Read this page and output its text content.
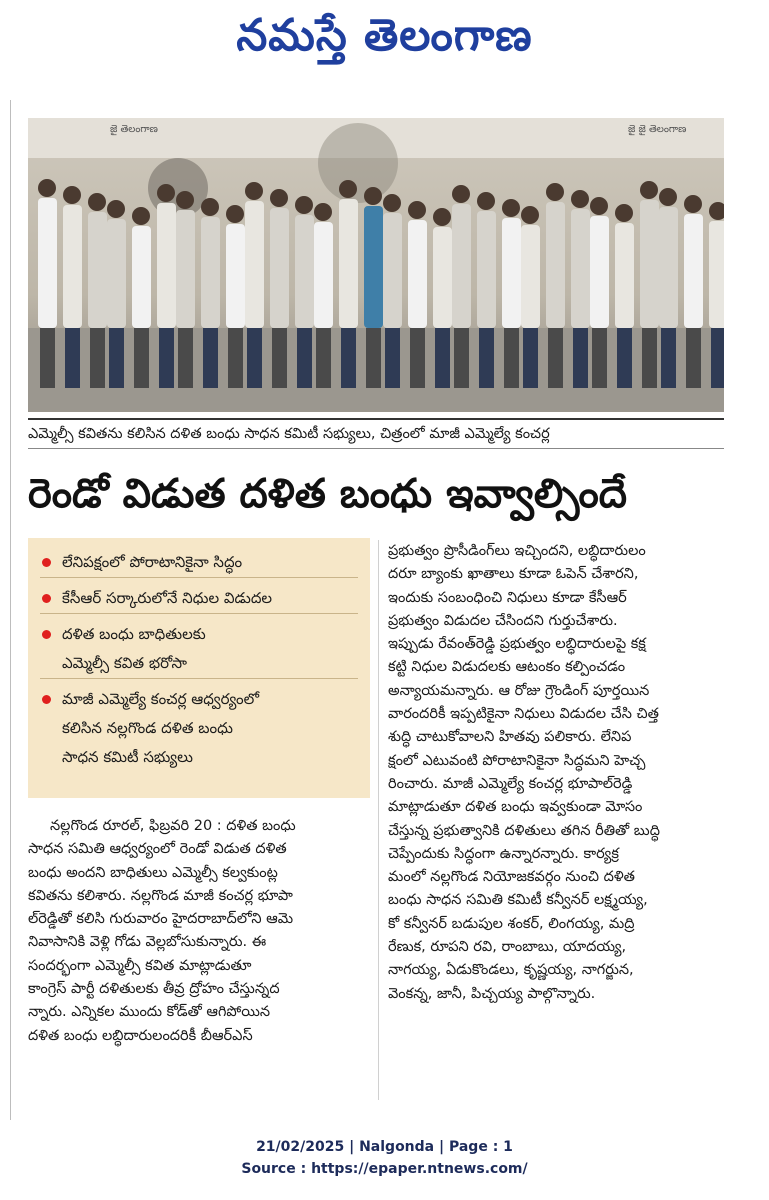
నమస్తే తెలంగాణ
జై తెలంగాణ	జై జై తెలంగాణ
ఎమ్మెల్సీ కవితను కలిసిన దళిత బంధు సాధన కమిటీ సభ్యులు, చిత్రంలో మాజీ ఎమ్మెల్యే కంచర్ల
రెండో విడుత దళిత బంధు ఇవ్వాల్సిందే
లేనిపక్షంలో పోరాటానికైనా సిద్ధం
కేసీఆర్ సర్కారులోనే నిధుల విడుదల
దళిత బంధు బాధితులకు
ఎమ్మెల్సీ కవిత భరోసా
మాజీ ఎమ్మెల్యే కంచర్ల ఆధ్వర్యంలో
కలిసిన నల్లగొండ దళిత బంధు
సాధన కమిటీ సభ్యులు
నల్లగొండ రూరల్, ఫిబ్రవరి 20 : దళిత బంధు
సాధన సమితి ఆధ్వర్యంలో రెండో విడుత దళిత
బంధు అందని బాధితులు ఎమ్మెల్సీ కల్వకుంట్ల
కవితను కలిశారు. నల్లగొండ మాజీ కంచర్ల భూపా
ల్‌రెడ్డితో కలిసి గురువారం హైదరాబాద్‌లోని ఆమె
నివాసానికి వెళ్లి గోడు వెల్లబోసుకున్నారు. ఈ
సందర్భంగా ఎమ్మెల్సీ కవిత మాట్లాడుతూ
కాంగ్రెస్ పార్టీ దళితులకు తీవ్ర ద్రోహం చేస్తున్నద
న్నారు. ఎన్నికల ముందు కోడ్‌తో ఆగిపోయిన
దళిత బంధు లబ్ధిదారులందరికీ బీఆర్ఎస్
ప్రభుత్వం ప్రొసీడింగ్‌లు ఇచ్చిందని, లబ్ధిదారులం
దరూ బ్యాంకు ఖాతాలు కూడా ఓపెన్ చేశారని,
ఇందుకు సంబంధించి నిధులు కూడా కేసీఆర్
ప్రభుత్వం విడుదల చేసిందని గుర్తుచేశారు.
ఇప్పుడు రేవంత్‌రెడ్డి ప్రభుత్వం లబ్ధిదారులపై కక్ష
కట్టి నిధుల విడుదలకు ఆటంకం కల్పించడం
అన్యాయమన్నారు. ఆ రోజు గ్రౌండింగ్ పూర్తయిన
వారందరికీ ఇప్పటికైనా నిధులు విడుదల చేసి చిత్త
శుద్ధి చాటుకోవాలని హితవు పలికారు. లేనిప
క్షంలో ఎటువంటి పోరాటానికైనా సిద్ధమని హెచ్చ
రించారు. మాజీ ఎమ్మెల్యే కంచర్ల భూపాల్‌రెడ్డి
మాట్లాడుతూ దళిత బంధు ఇవ్వకుండా మోసం
చేస్తున్న ప్రభుత్వానికి దళితులు తగిన రీతితో బుద్ధి
చెప్పేందుకు సిద్ధంగా ఉన్నారన్నారు. కార్యక్ర
మంలో నల్లగొండ నియోజకవర్గం నుంచి దళిత
బంధు సాధన సమితి కమిటీ కన్వీనర్ లక్ష్మయ్య,
కో కన్వీనర్ బడుపుల శంకర్, లింగయ్య, మద్రి
రేణుక, రూపని రవి, రాంబాబు, యాదయ్య,
నాగయ్య, ఏడుకొండలు, కృష్ణయ్య, నాగర్జున,
వెంకన్న, జానీ, పిచ్చయ్య పాల్గొన్నారు.
21/02/2025 | Nalgonda | Page : 1
Source : https://epaper.ntnews.com/
